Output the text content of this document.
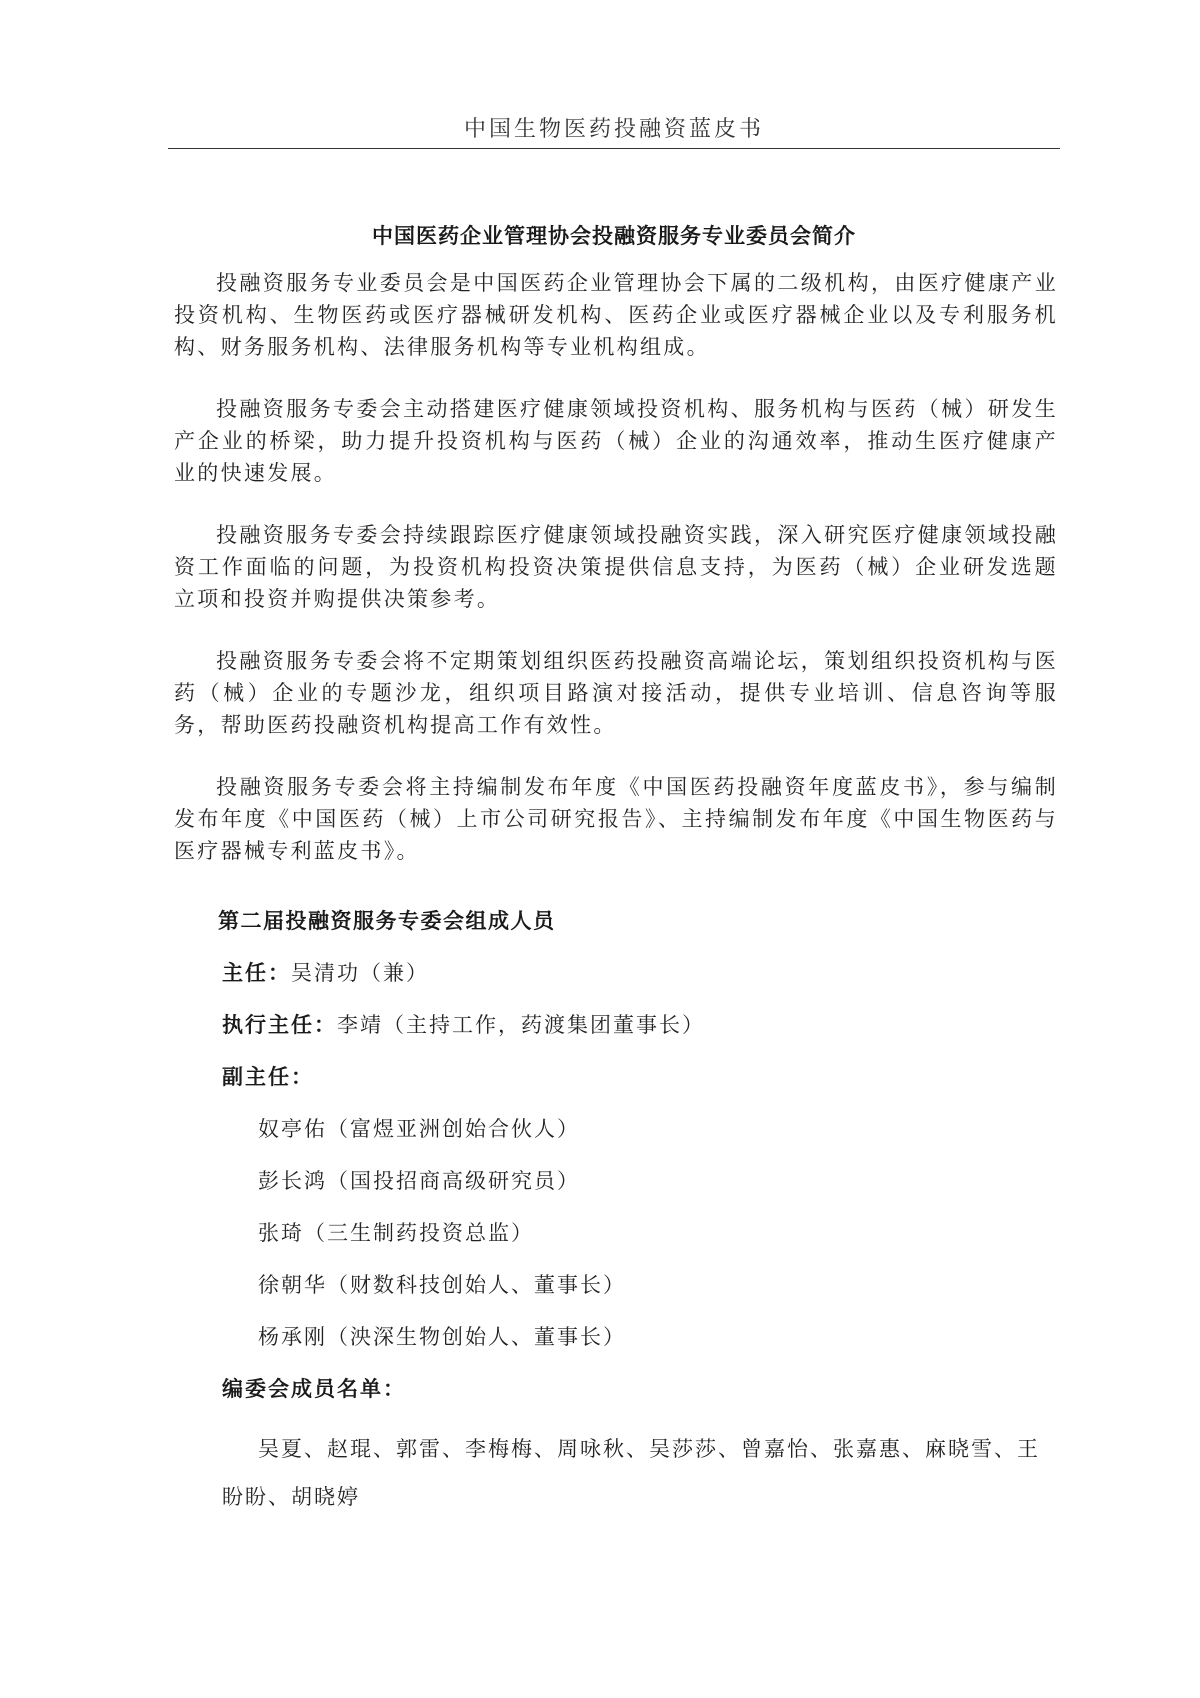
中国生物医药投融资蓝皮书
中国医药企业管理协会投融资服务专业委员会简介

投融资服务专业委员会是中国医药企业管理协会下属的二级机构，由医疗健康产业投资机构、生物医药或医疗器械研发机构、医药企业或医疗器械企业以及专利服务机构、财务服务机构、法律服务机构等专业机构组成。

投融资服务专委会主动搭建医疗健康领域投资机构、服务机构与医药（械）研发生产企业的桥梁，助力提升投资机构与医药（械）企业的沟通效率，推动生医疗健康产业的快速发展。

投融资服务专委会持续跟踪医疗健康领域投融资实践，深入研究医疗健康领域投融资工作面临的问题，为投资机构投资决策提供信息支持，为医药（械）企业研发选题立项和投资并购提供决策参考。

投融资服务专委会将不定期策划组织医药投融资高端论坛，策划组织投资机构与医药（械）企业的专题沙龙，组织项目路演对接活动，提供专业培训、信息咨询等服务，帮助医药投融资机构提高工作有效性。

投融资服务专委会将主持编制发布年度《中国医药投融资年度蓝皮书》，参与编制发布年度《中国医药（械）上市公司研究报告》、主持编制发布年度《中国生物医药与医疗器械专利蓝皮书》。

第二届投融资服务专委会组成人员
主任：吴清功（兼）
执行主任：李靖（主持工作，药渡集团董事长）
副主任：
奴亭佑（富煜亚洲创始合伙人）
彭长鸿（国投招商高级研究员）
张琦（三生制药投资总监）
徐朝华（财数科技创始人、董事长）
杨承刚（泱深生物创始人、董事长）
编委会成员名单：
吴夏、赵琨、郭雷、李梅梅、周咏秋、吴莎莎、曾嘉怡、张嘉惠、麻晓雪、王盼盼、胡晓婷
